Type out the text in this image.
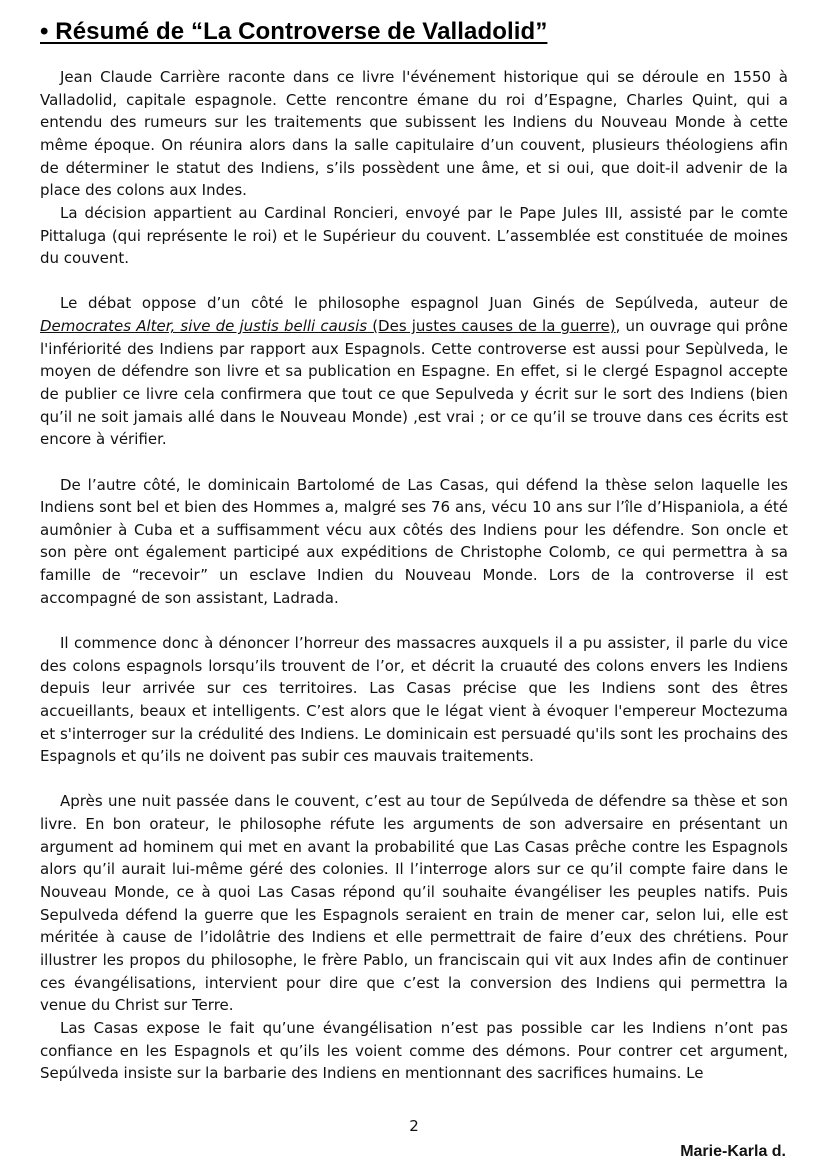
• Résumé de “La Controverse de Valladolid”

Jean Claude Carrière raconte dans ce livre l'événement historique qui se déroule en 1550 à Valladolid, capitale espagnole. Cette rencontre émane du roi d’Espagne, Charles Quint, qui a entendu des rumeurs sur les traitements que subissent les Indiens du Nouveau Monde à cette même époque. On réunira alors dans la salle capitulaire d’un couvent, plusieurs théologiens afin de déterminer le statut des Indiens, s’ils possèdent une âme, et si oui, que doit-il advenir de la place des colons aux Indes.

La décision appartient au Cardinal Roncieri, envoyé par le Pape Jules III, assisté par le comte Pittaluga (qui représente le roi) et le Supérieur du couvent. L’assemblée est constituée de moines du couvent.

Le débat oppose d’un côté le philosophe espagnol Juan Ginés de Sepúlveda, auteur de Democrates Alter, sive de justis belli causis (Des justes causes de la guerre), un ouvrage qui prône l'infériorité des Indiens par rapport aux Espagnols. Cette controverse est aussi pour Sepùlveda, le moyen de défendre son livre et sa publication en Espagne. En effet, si le clergé Espagnol accepte de publier ce livre cela confirmera que tout ce que Sepulveda y écrit sur le sort des Indiens (bien qu’il ne soit jamais allé dans le Nouveau Monde) ,est vrai ; or ce qu’il se trouve dans ces écrits est encore à vérifier.

De l’autre côté, le dominicain Bartolomé de Las Casas, qui défend la thèse selon laquelle les Indiens sont bel et bien des Hommes a, malgré ses 76 ans, vécu 10 ans sur l’île d’Hispaniola, a été aumônier à Cuba et a suffisamment vécu aux côtés des Indiens pour les défendre. Son oncle et son père ont également participé aux expéditions de Christophe Colomb, ce qui permettra à sa famille de “recevoir” un esclave Indien du Nouveau Monde. Lors de la controverse il est accompagné de son assistant, Ladrada.

Il commence donc à dénoncer l’horreur des massacres auxquels il a pu assister, il parle du vice des colons espagnols lorsqu’ils trouvent de l’or, et décrit la cruauté des colons envers les Indiens depuis leur arrivée sur ces territoires. Las Casas précise que les Indiens sont des êtres accueillants, beaux et intelligents. C’est alors que le légat vient à évoquer l'empereur Moctezuma et s'interroger sur la crédulité des Indiens. Le dominicain est persuadé qu'ils sont les prochains des Espagnols et qu’ils ne doivent pas subir ces mauvais traitements.

Après une nuit passée dans le couvent, c’est au tour de Sepúlveda de défendre sa thèse et son livre. En bon orateur, le philosophe réfute les arguments de son adversaire en présentant un argument ad hominem qui met en avant la probabilité que Las Casas prêche contre les Espagnols alors qu’il aurait lui-même géré des colonies. Il l’interroge alors sur ce qu’il compte faire dans le Nouveau Monde, ce à quoi Las Casas répond qu’il souhaite évangéliser les peuples natifs. Puis Sepulveda défend la guerre que les Espagnols seraient en train de mener car, selon lui, elle est méritée à cause de l’idolâtrie des Indiens et elle permettrait de faire d’eux des chrétiens. Pour illustrer les propos du philosophe, le frère Pablo, un franciscain qui vit aux Indes afin de continuer ces évangélisations, intervient pour dire que c’est la conversion des Indiens qui permettra la venue du Christ sur Terre.

Las Casas expose le fait qu’une évangélisation n’est pas possible car les Indiens n’ont pas confiance en les Espagnols et qu’ils les voient comme des démons. Pour contrer cet argument, Sepúlveda insiste sur la barbarie des Indiens en mentionnant des sacrifices humains. Le

2
Marie-Karla d.
